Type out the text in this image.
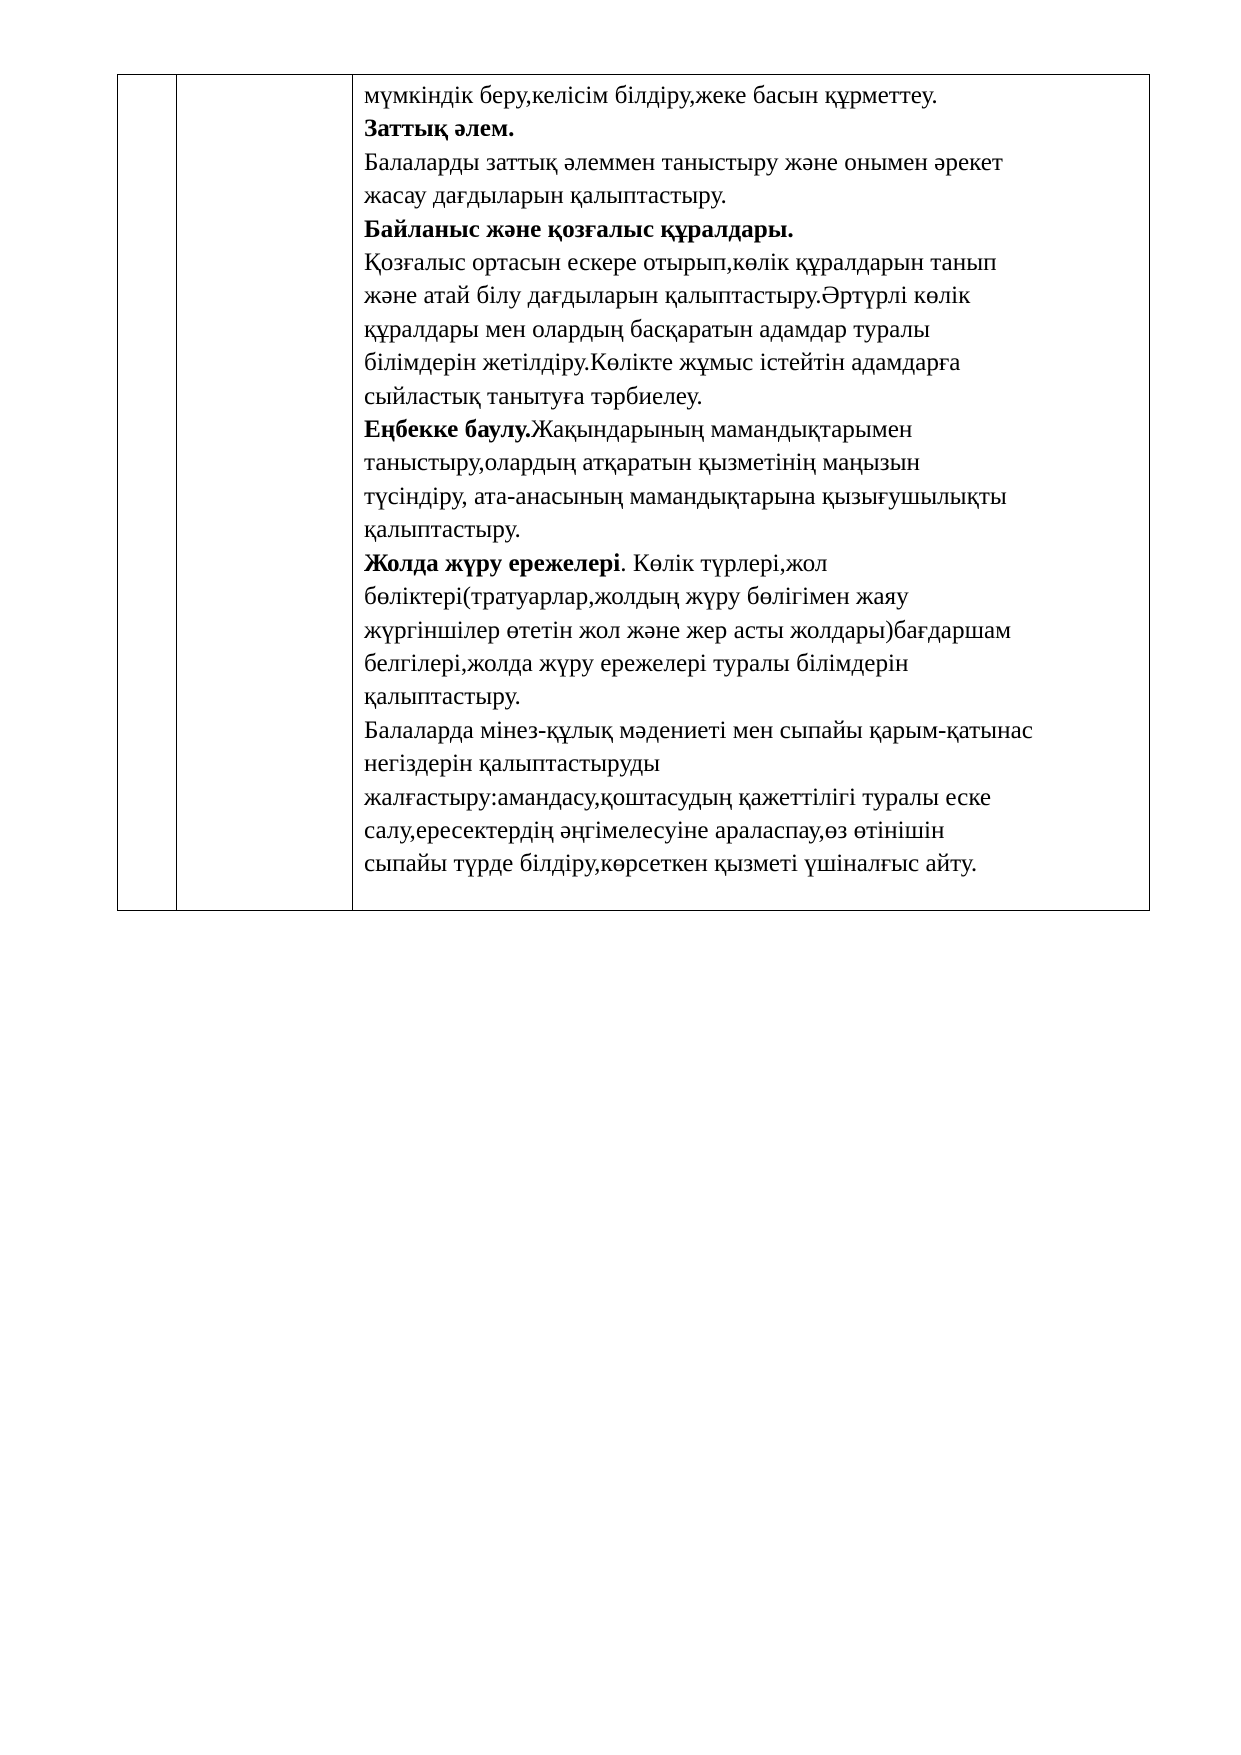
мүмкіндік беру,келісім білдіру,жеке басын құрметтеу.

Заттық әлем.

Балаларды заттық әлеммен таныстыру және онымен әрекет

жасау дағдыларын қалыптастыру.

Байланыс және қозғалыс құралдары.

Қозғалыс ортасын ескере отырып,көлік құралдарын танып

және атай білу дағдыларын қалыптастыру.Әртүрлі көлік

құралдары мен олардың басқаратын адамдар туралы

білімдерін жетілдіру.Көлікте жұмыс істейтін адамдарға

сыйластық танытуға тәрбиелеу.

Еңбекке баулу.Жақындарының мамандықтарымен

таныстыру,олардың атқаратын қызметінің маңызын

түсіндіру, ата-анасының мамандықтарына қызығушылықты

қалыптастыру.

Жолда жүру ережелері. Көлік түрлері,жол

бөліктері(тратуарлар,жолдың жүру бөлігімен жаяу

жүргіншілер өтетін жол және жер асты жолдары)бағдаршам

белгілері,жолда жүру ережелері туралы білімдерін

қалыптастыру.

Балаларда мінез-құлық мәдениеті мен сыпайы қарым-қатынас

негіздерін қалыптастыруды

жалғастыру:амандасу,қоштасудың қажеттілігі туралы еске

салу,ересектердің әңгімелесуіне араласпау,өз өтінішін

сыпайы түрде білдіру,көрсеткен қызметі үшіналғыс айту.
